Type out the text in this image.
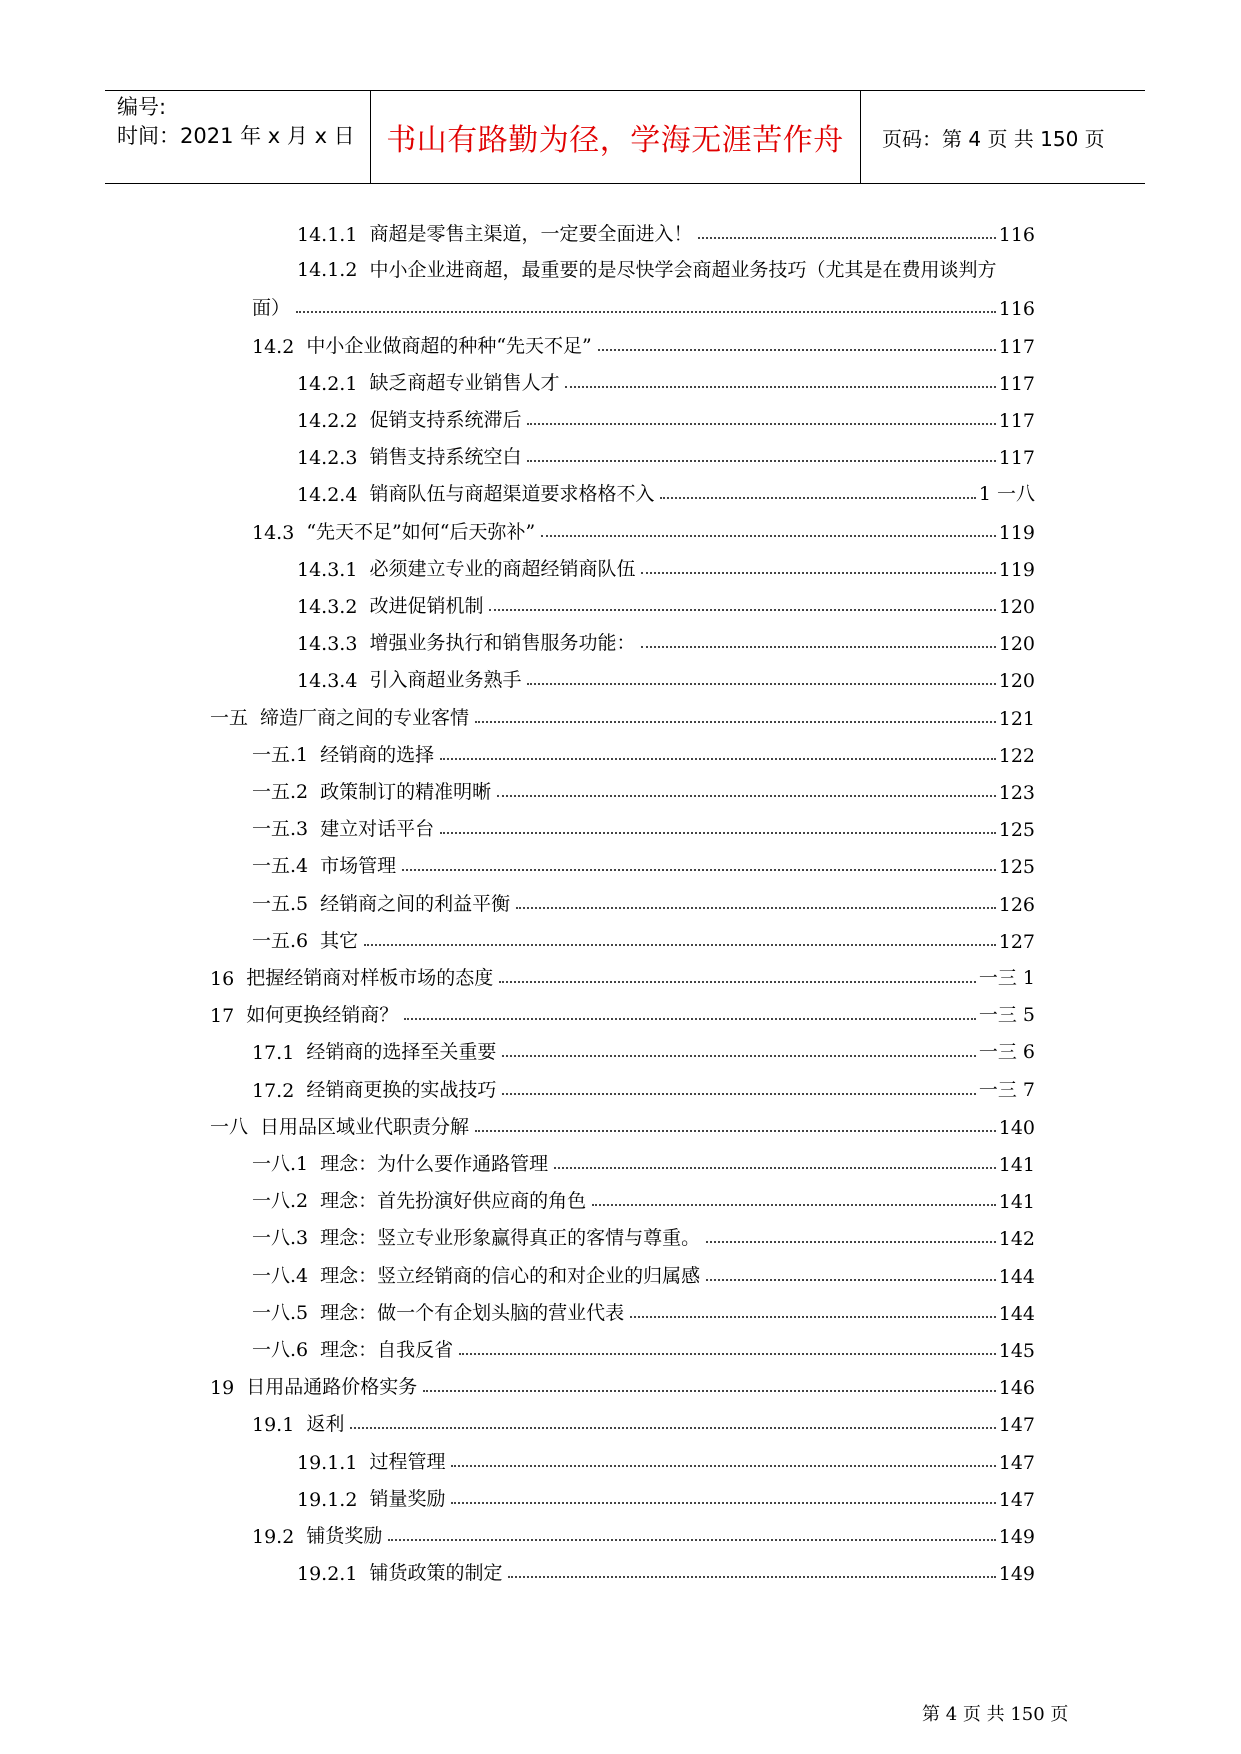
编号:
时间：2021 年 x 月 x 日	书山有路勤为径，学海无涯苦作舟	页码：第 4 页 共 150 页
14.1.1 商超是零售主渠道，一定要全面进入！	116
14.1.2 中小企业进商超，最重要的是尽快学会商超业务技巧（尤其是在费用谈判方
面）	116
14.2 中小企业做商超的种种“先天不足”	117
14.2.1 缺乏商超专业销售人才	117
14.2.2 促销支持系统滞后	117
14.2.3 销售支持系统空白	117
14.2.4 销商队伍与商超渠道要求格格不入	1 一八
14.3 “先天不足”如何“后天弥补”	119
14.3.1 必须建立专业的商超经销商队伍	119
14.3.2 改进促销机制	120
14.3.3 增强业务执行和销售服务功能：	120
14.3.4 引入商超业务熟手	120
一五 缔造厂商之间的专业客情	121
一五.1 经销商的选择	122
一五.2 政策制订的精准明晰	123
一五.3 建立对话平台	125
一五.4 市场管理	125
一五.5 经销商之间的利益平衡	126
一五.6 其它	127
16 把握经销商对样板市场的态度	一三 1
17 如何更换经销商？	一三 5
17.1 经销商的选择至关重要	一三 6
17.2 经销商更换的实战技巧	一三 7
一八 日用品区域业代职责分解	140
一八.1 理念：为什么要作通路管理	141
一八.2 理念：首先扮演好供应商的角色	141
一八.3 理念：竖立专业形象赢得真正的客情与尊重。	142
一八.4 理念：竖立经销商的信心的和对企业的归属感	144
一八.5 理念：做一个有企划头脑的营业代表	144
一八.6 理念：自我反省	145
19 日用品通路价格实务	146
19.1 返利	147
19.1.1 过程管理	147
19.1.2 销量奖励	147
19.2 铺货奖励	149
19.2.1 铺货政策的制定	149
第 4 页 共 150 页
